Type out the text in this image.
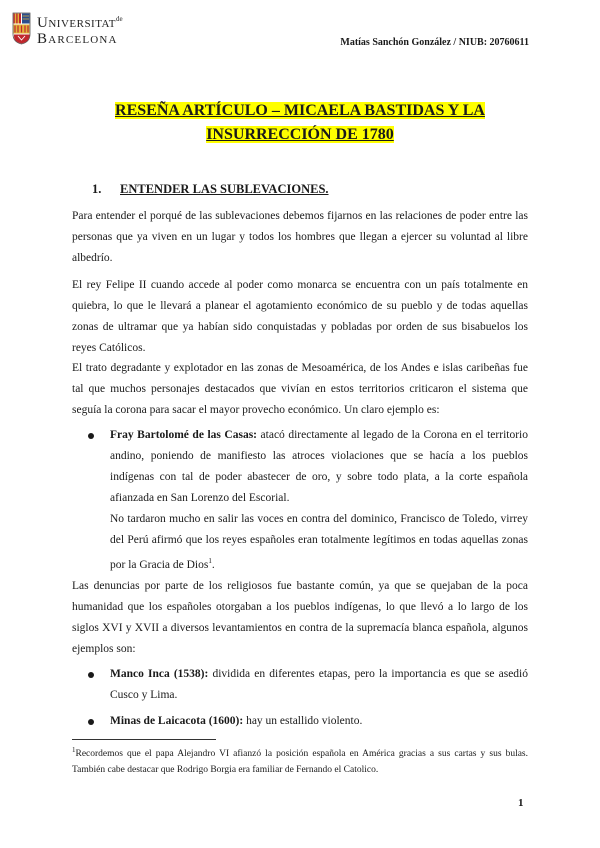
Universitat$^{de}$
Barcelona	Matías Sanchón González / NIUB: 20760611
RESEÑA ARTÍCULO – MICAELA BASTIDAS Y LA
INSURRECCIÓN DE 1780
1. ENTENDER LAS SUBLEVACIONES.

Para entender el porqué de las sublevaciones debemos fijarnos en las relaciones de poder entre las personas que ya viven en un lugar y todos los hombres que llegan a ejercer su voluntad al libre albedrío.

El rey Felipe II cuando accede al poder como monarca se encuentra con un país totalmente en quiebra, lo que le llevará a planear el agotamiento económico de su pueblo y de todas aquellas zonas de ultramar que ya habían sido conquistadas y pobladas por orden de sus bisabuelos los reyes Católicos.

El trato degradante y explotador en las zonas de Mesoamérica, de los Andes e islas caribeñas fue tal que muchos personajes destacados que vivían en estos territorios criticaron el sistema que seguía la corona para sacar el mayor provecho económico. Un claro ejemplo es:

Fray Bartolomé de las Casas: atacó directamente al legado de la Corona en el territorio andino, poniendo de manifiesto las atroces violaciones que se hacía a los pueblos indígenas con tal de poder abastecer de oro, y sobre todo plata, a la corte española afianzada en San Lorenzo del Escorial.

No tardaron mucho en salir las voces en contra del dominico, Francisco de Toledo, virrey del Perú afirmó que los reyes españoles eran totalmente legítimos en todas aquellas zonas por la Gracia de Dios$^1$.

Las denuncias por parte de los religiosos fue bastante común, ya que se quejaban de la poca humanidad que los españoles otorgaban a los pueblos indígenas, lo que llevó a lo largo de los siglos XVI y XVII a diversos levantamientos en contra de la supremacía blanca española, algunos ejemplos son:

Manco Inca (1538): dividida en diferentes etapas, pero la importancia es que se asedió Cusco y Lima.

Minas de Laicacota (1600): hay un estallido violento.

$^1$Recordemos que el papa Alejandro VI afianzó la posición española en América gracias a sus cartas y sus bulas. También cabe destacar que Rodrigo Borgia era familiar de Fernando el Catolico.

1
